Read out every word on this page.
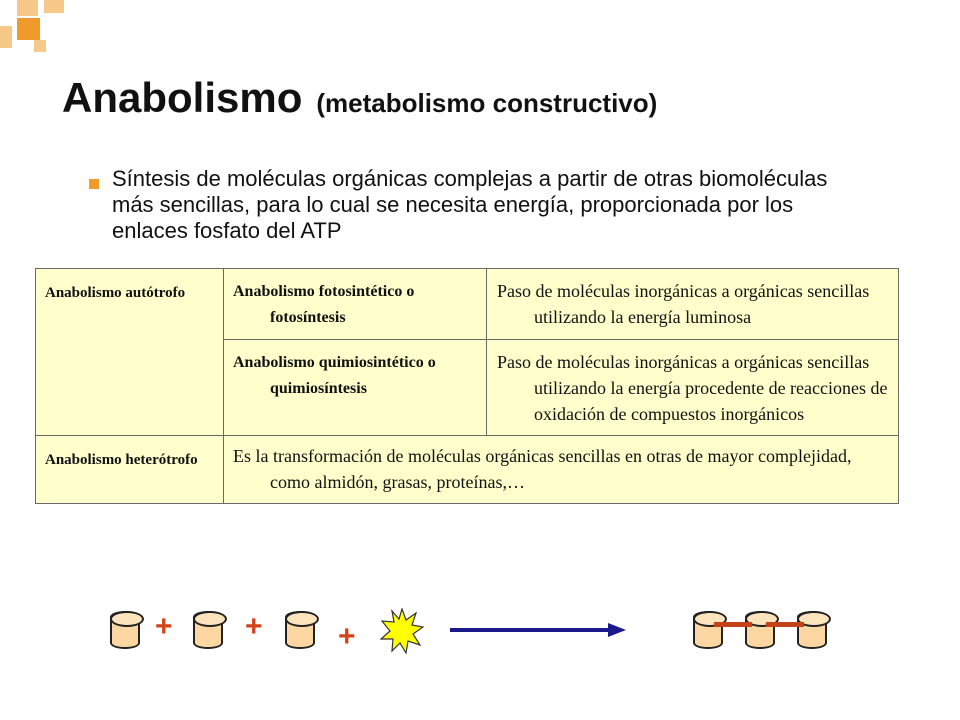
Anabolismo (metabolismo constructivo)
Síntesis de moléculas orgánicas complejas a partir de otras biomoléculas más sencillas, para lo cual se necesita energía, proporcionada por los enlaces fosfato del ATP
Anabolismo autótrofo	Anabolismo fotosintético o fotosíntesis	Paso de moléculas inorgánicas a orgánicas sencillas utilizando la energía luminosa

	Anabolismo quimiosintético o quimiosíntesis	Paso de moléculas inorgánicas a orgánicas sencillas   utilizando la energía procedente de reacciones de oxidación de compuestos inorgánicos

Anabolismo heterótrofo	Es la transformación de moléculas orgánicas sencillas en otras de mayor complejidad, como almidón, grasas, proteínas,…	
+ +	+
